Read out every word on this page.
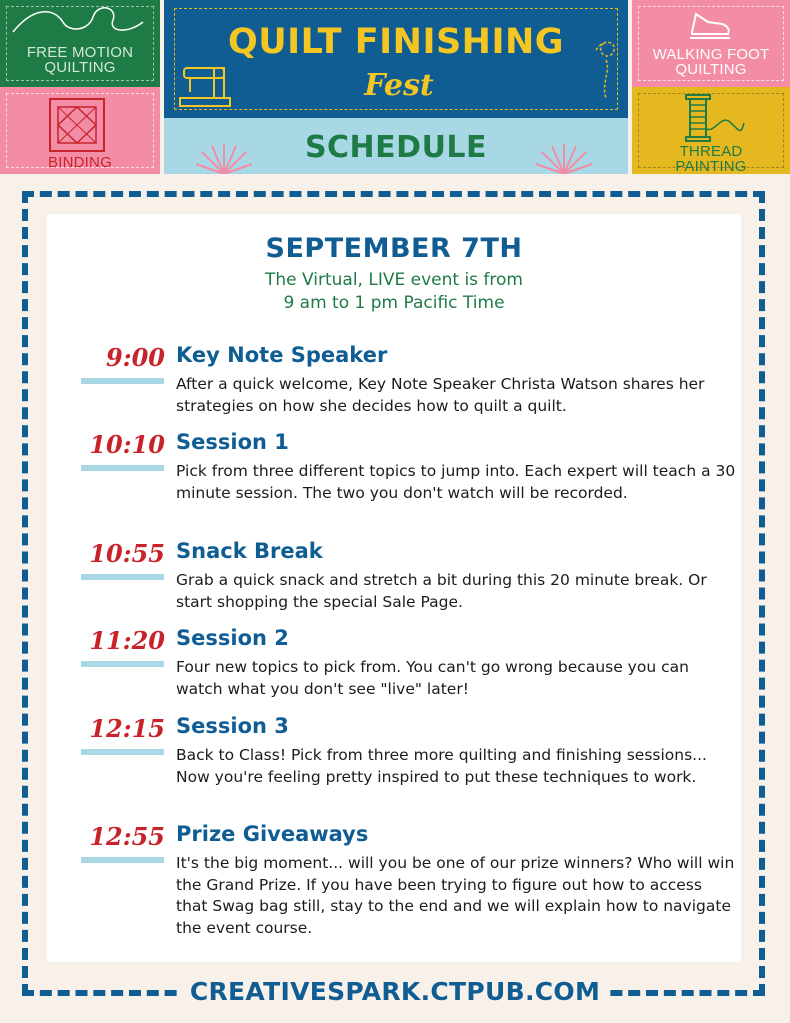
FREE MOTION QUILTING
BINDING
QUILT FINISHING
Fest
SCHEDULE
WALKING FOOT QUILTING
THREAD PAINTING
CREATIVESPARK.CTPUB.COM
SEPTEMBER 7TH
The Virtual, LIVE event is from
9 am to 1 pm Pacific Time
9:00 Key Note Speaker
After a quick welcome, Key Note Speaker Christa Watson shares her strategies on how she decides how to quilt a quilt.
10:10 Session 1
Pick from three different topics to jump into. Each expert will teach a 30 minute session. The two you don't watch will be recorded.
10:55 Snack Break
Grab a quick snack and stretch a bit during this 20 minute break. Or start shopping the special Sale Page.
11:20 Session 2
Four new topics to pick from. You can't go wrong because you can watch what you don't see "live" later!
12:15 Session 3
Back to Class! Pick from three more quilting and finishing sessions... Now you're feeling pretty inspired to put these techniques to work.
12:55 Prize Giveaways
It's the big moment... will you be one of our prize winners? Who will win the Grand Prize. If you have been trying to figure out how to access that Swag bag still, stay to the end and we will explain how to navigate the event course.
